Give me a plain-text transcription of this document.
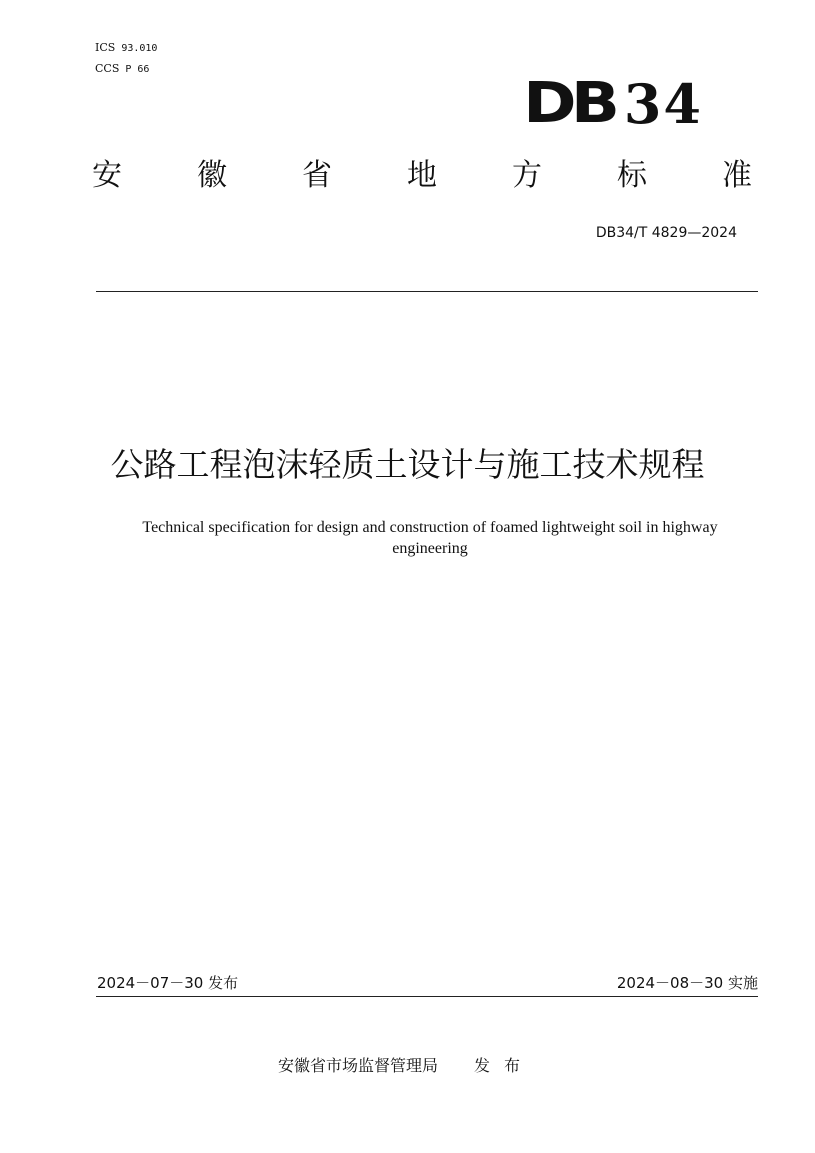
ICS 93.010
CCS P 66
DB 34
安	徽	省	地	方	标	准
DB34/T 4829—2024
公路工程泡沫轻质土设计与施工技术规程
Technical specification for design and construction of foamed lightweight soil in highway engineering
2024－07－30 发布	2024－08－30 实施
安徽省市场监督管理局 发布
